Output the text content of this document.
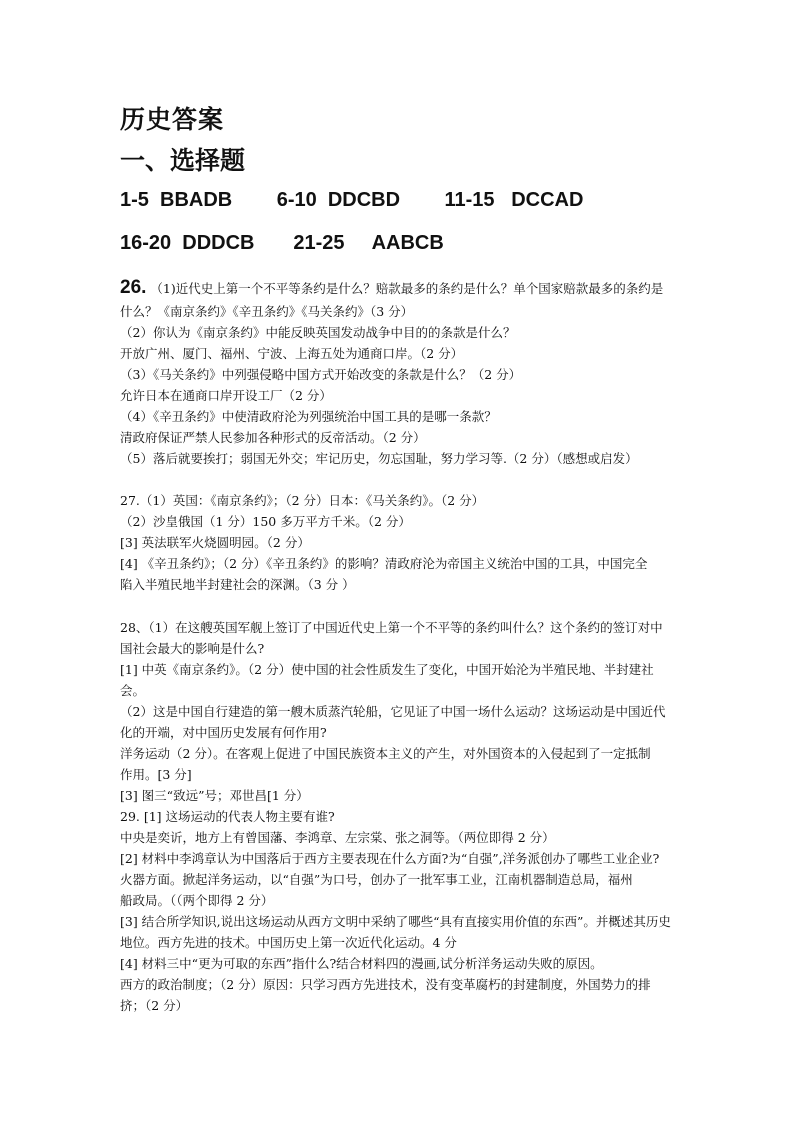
历史答案
一、选择题
1-5  BBADB        6-10  DDCBD        11-15   DCCAD
16-20  DDDCB       21-25     AABCB
26. （1)近代史上第一个不平等条约是什么？赔款最多的条约是什么？单个国家赔款最多的条约是
什么？《南京条约》《辛丑条约》《马关条约》（3 分）
（2）你认为《南京条约》中能反映英国发动战争中目的的条款是什么？
开放广州、厦门、福州、宁波、上海五处为通商口岸。（2 分）
（3）《马关条约》中列强侵略中国方式开始改变的条款是什么？（2 分）
允许日本在通商口岸开设工厂（2 分）
（4）《辛丑条约》中使清政府沦为列强统治中国工具的是哪一条款？
清政府保证严禁人民参加各种形式的反帝活动。（2 分）
（5）落后就要挨打；弱国无外交；牢记历史，勿忘国耻，努力学习等.（2 分）（感想或启发）
27.（1）英国：《南京条约》；（2 分）日本：《马关条约》。（2 分）
（2）沙皇俄国（1 分）150 多万平方千米。（2 分）
[3] 英法联军火烧圆明园。（2 分）
[4] 《辛丑条约》；（2 分）《辛丑条约》的影响？清政府沦为帝国主义统治中国的工具，中国完全
陷入半殖民地半封建社会的深渊。（3 分 ）
28、（1）在这艘英国军舰上签订了中国近代史上第一个不平等的条约叫什么？这个条约的签订对中
国社会最大的影响是什么?
[1] 中英《南京条约》。（2 分）使中国的社会性质发生了变化，中国开始沦为半殖民地、半封建社
会。
（2）这是中国自行建造的第一艘木质蒸汽轮船，它见证了中国一场什么运动？这场运动是中国近代
化的开端，对中国历史发展有何作用?
洋务运动（2 分）。在客观上促进了中国民族资本主义的产生，对外国资本的入侵起到了一定抵制
作用。[3 分]
[3] 图三“致远”号；邓世昌[1 分）
29. [1] 这场运动的代表人物主要有谁?
中央是奕䜣，地方上有曾国藩、李鸿章、左宗棠、张之洞等。（两位即得 2 分）
[2] 材料中李鸿章认为中国落后于西方主要表现在什么方面?为“自强”,洋务派创办了哪些工业企业?
火器方面。掀起洋务运动，以“自强”为口号，创办了一批军事工业，江南机器制造总局，福州
船政局。（（两个即得 2 分）
[3] 结合所学知识,说出这场运动从西方文明中采纳了哪些“具有直接实用价值的东西”。并概述其历史
地位。西方先进的技术。中国历史上第一次近代化运动。4 分
[4] 材料三中“更为可取的东西”指什么?结合材料四的漫画,试分析洋务运动失败的原因。
西方的政治制度；（2 分）原因：只学习西方先进技术，没有变革腐朽的封建制度，外国势力的排
挤；（2 分）
